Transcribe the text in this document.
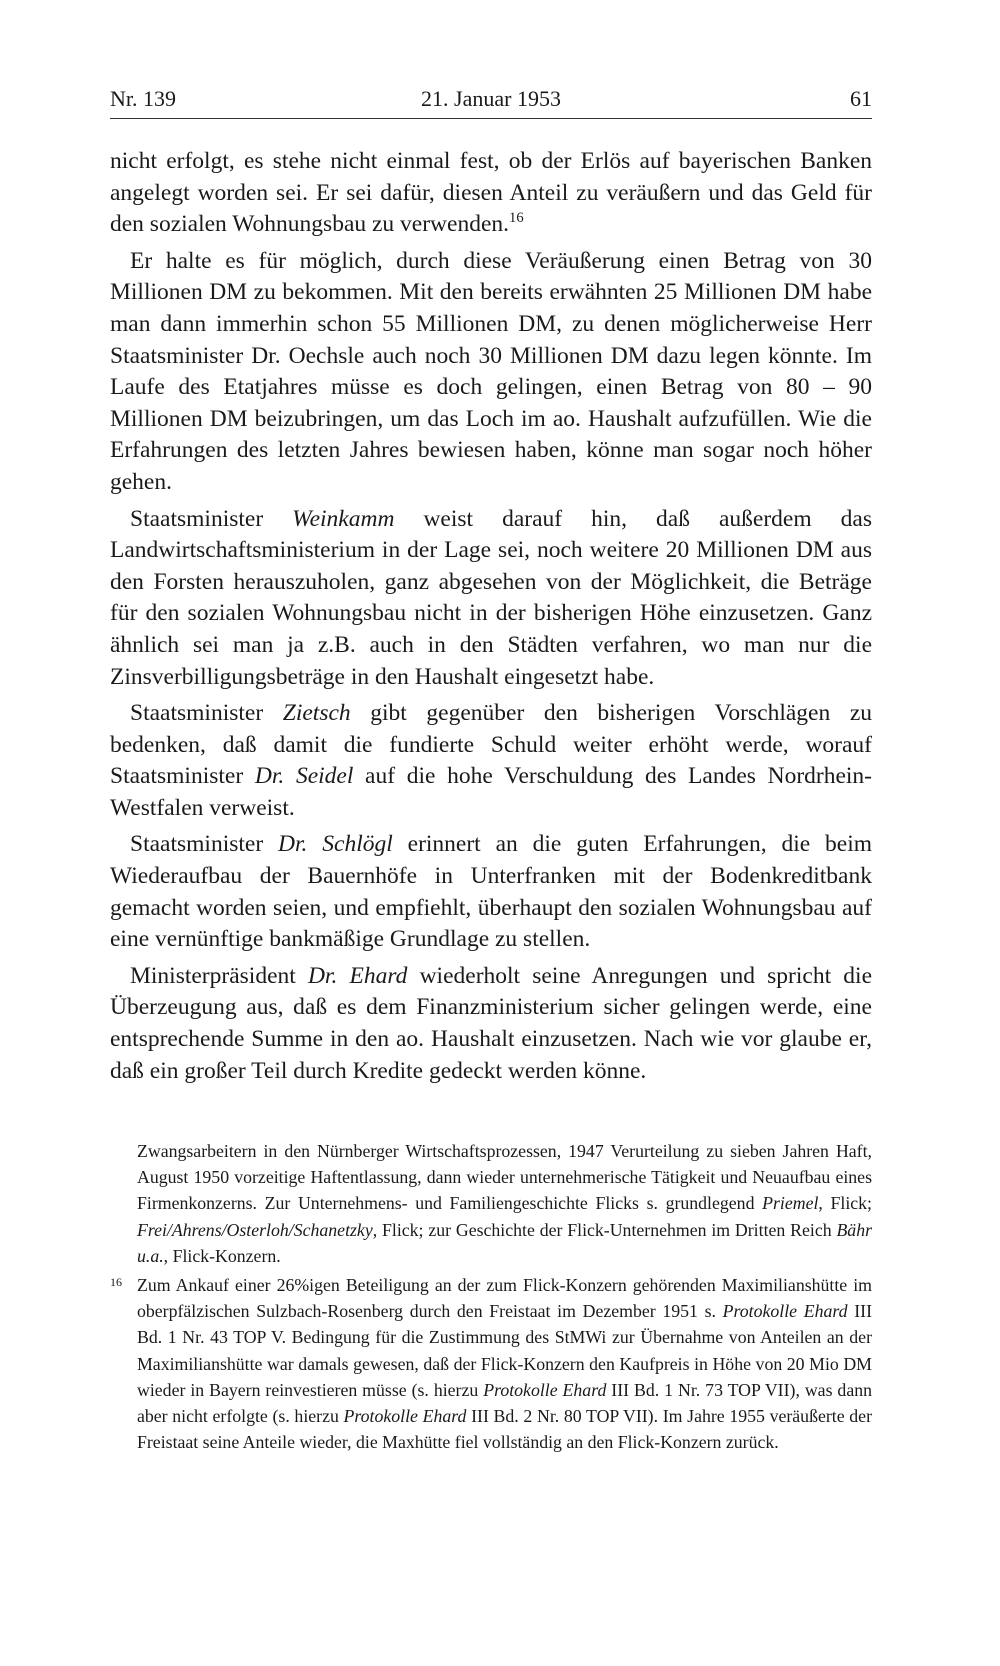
Nr. 139	21. Januar 1953	61

nicht erfolgt, es stehe nicht einmal fest, ob der Erlös auf bayerischen Banken angelegt worden sei. Er sei dafür, diesen Anteil zu veräußern und das Geld für den sozialen Wohnungsbau zu verwenden.$^{16}$

Er halte es für möglich, durch diese Veräußerung einen Betrag von 30 Millionen DM zu bekommen. Mit den bereits erwähnten 25 Millionen DM habe man dann immerhin schon 55 Millionen DM, zu denen möglicherweise Herr Staatsminister Dr. Oechsle auch noch 30 Millionen DM dazu legen könnte. Im Laufe des Etatjahres müsse es doch gelingen, einen Betrag von 80 – 90 Millionen DM beizubringen, um das Loch im ao. Haushalt aufzufüllen. Wie die Erfahrungen des letzten Jahres bewiesen haben, könne man sogar noch höher gehen.

Staatsminister Weinkamm weist darauf hin, daß außerdem das Landwirtschaftsministerium in der Lage sei, noch weitere 20 Millionen DM aus den Forsten herauszuholen, ganz abgesehen von der Möglichkeit, die Beträge für den sozialen Wohnungsbau nicht in der bisherigen Höhe einzusetzen. Ganz ähnlich sei man ja z.B. auch in den Städten verfahren, wo man nur die Zinsverbilligungsbeträge in den Haushalt eingesetzt habe.

Staatsminister Zietsch gibt gegenüber den bisherigen Vorschlägen zu bedenken, daß damit die fundierte Schuld weiter erhöht werde, worauf Staatsminister Dr. Seidel auf die hohe Verschuldung des Landes Nordrhein-Westfalen verweist.

Staatsminister Dr. Schlögl erinnert an die guten Erfahrungen, die beim Wiederaufbau der Bauernhöfe in Unterfranken mit der Bodenkreditbank gemacht worden seien, und empfiehlt, überhaupt den sozialen Wohnungsbau auf eine vernünftige bankmäßige Grundlage zu stellen.

Ministerpräsident Dr. Ehard wiederholt seine Anregungen und spricht die Überzeugung aus, daß es dem Finanzministerium sicher gelingen werde, eine entsprechende Summe in den ao. Haushalt einzusetzen. Nach wie vor glaube er, daß ein großer Teil durch Kredite gedeckt werden könne.

Zwangsarbeitern in den Nürnberger Wirtschaftsprozessen, 1947 Verurteilung zu sieben Jahren Haft, August 1950 vorzeitige Haftentlassung, dann wieder unternehmerische Tätigkeit und Neuaufbau eines Firmenkonzerns. Zur Unternehmens- und Familiengeschichte Flicks s. grundlegend Priemel, Flick; Frei/Ahrens/Osterloh/Schanetzky, Flick; zur Geschichte der Flick-Unternehmen im Dritten Reich Bähr u.a., Flick-Konzern.
16 Zum Ankauf einer 26%igen Beteiligung an der zum Flick-Konzern gehörenden Maximilianshütte im oberpfälzischen Sulzbach-Rosenberg durch den Freistaat im Dezember 1951 s. Protokolle Ehard III Bd. 1 Nr. 43 TOP V. Bedingung für die Zustimmung des StMWi zur Übernahme von Anteilen an der Maximilianshütte war damals gewesen, daß der Flick-Konzern den Kaufpreis in Höhe von 20 Mio DM wieder in Bayern reinvestieren müsse (s. hierzu Protokolle Ehard III Bd. 1 Nr. 73 TOP VII), was dann aber nicht erfolgte (s. hierzu Protokolle Ehard III Bd. 2 Nr. 80 TOP VII). Im Jahre 1955 veräußerte der Freistaat seine Anteile wieder, die Maxhütte fiel vollständig an den Flick-Konzern zurück.
